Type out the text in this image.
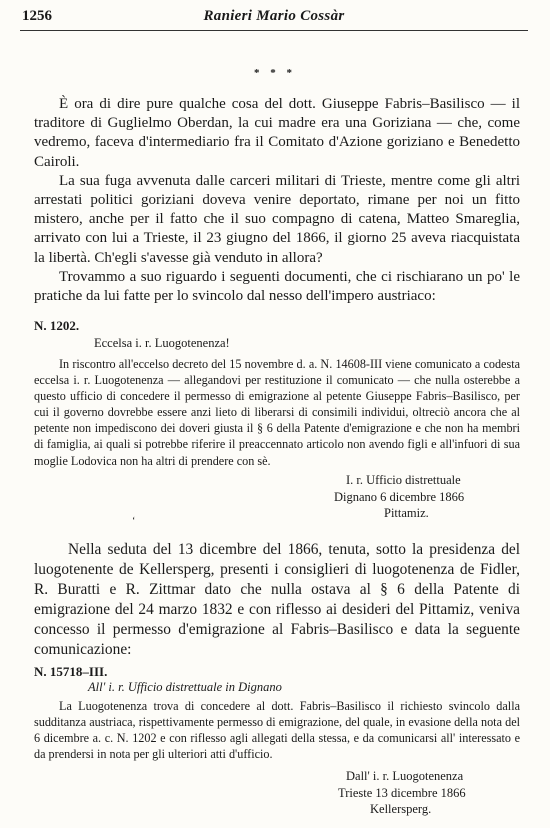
1256	Ranieri Mario Cossàr
* * *

È ora di dire pure qualche cosa del dott. Giuseppe Fabris–Basilisco — il traditore di Guglielmo Oberdan, la cui madre era una Goriziana — che, come vedremo, faceva d'intermediario fra il Comitato d'Azione goriziano e Benedetto Cairoli.

La sua fuga avvenuta dalle carceri militari di Trieste, mentre come gli altri arrestati politici goriziani doveva venire deportato, rimane per noi un fitto mistero, anche per il fatto che il suo compagno di catena, Matteo Smareglia, arrivato con lui a Trieste, il 23 giugno del 1866, il giorno 25 aveva riacquistata la libertà. Ch'egli s'avesse già venduto in allora?

Trovammo a suo riguardo i seguenti documenti, che ci rischiarano un po' le pratiche da lui fatte per lo svincolo dal nesso dell'impero austriaco:

N. 1202.
Eccelsa i. r. Luogotenenza!

In riscontro all'eccelso decreto del 15 novembre d. a. N. 14608-III viene comunicato a codesta eccelsa i. r. Luogotenenza — allegandovi per restituzione il comunicato — che nulla osterebbe a questo ufficio di concedere il permesso di emigrazione al petente Giuseppe Fabris–Basilisco, per cui il governo dovrebbe essere anzi lieto di liberarsi di consimili individui, oltreciò ancora che al petente non impediscono dei doveri giusta il § 6 della Patente d'emigrazione e che non ha membri di famiglia, ai quali si potrebbe riferire il preaccennato articolo non avendo figli e all'infuori di sua moglie Lodovica non ha altri di prendere con sè.

I. r. Ufficio distrettuale
Dignano 6 dicembre 1866
Pittamiz.
‘

Nella seduta del 13 dicembre del 1866, tenuta, sotto la presidenza del luogotenente de Kellersperg, presenti i consiglieri di luogotenenza de Fidler, R. Buratti e R. Zittmar dato che nulla ostava al § 6 della Patente di emigrazione del 24 marzo 1832 e con riflesso ai desideri del Pittamiz, veniva concesso il permesso d'emigrazione al Fabris–Basilisco e data la seguente comunicazione:

N. 15718–III.
All' i. r. Ufficio distrettuale in Dignano

La Luogotenenza trova di concedere al dott. Fabris–Basilisco il richiesto svincolo dalla sudditanza austriaca, rispettivamente permesso di emigrazione, del quale, in evasione della nota del 6 dicembre a. c. N. 1202 e con riflesso agli allegati della stessa, e da comunicarsi all' interessato e da prendersi in nota per gli ulteriori atti d'ufficio.

Dall' i. r. Luogotenenza
Trieste 13 dicembre 1866
Kellersperg.
